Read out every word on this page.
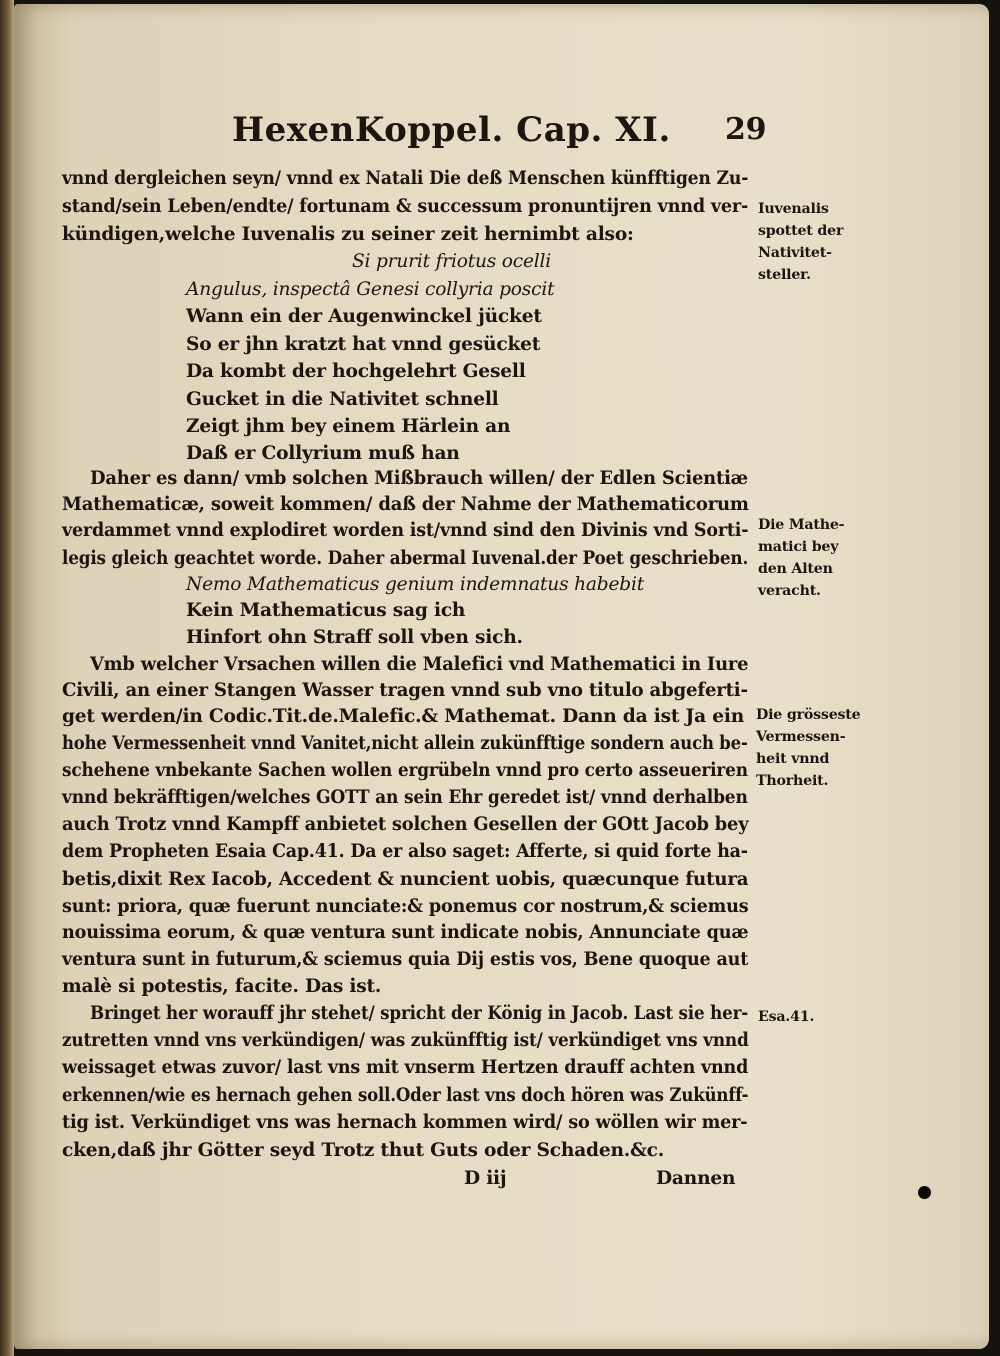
HexenKoppel. Cap. XI. 29
vnnd dergleichen seyn/ vnnd ex Natali Die deß Menschen künfftigen Zu-
stand/sein Leben/endte/ fortunam & successum pronuntijren vnnd ver-
kündigen,welche Iuvenalis zu seiner zeit hernimbt also:
Si prurit friotus ocelli
Angulus, inspectâ Genesi collyria poscit
Wann ein der Augenwinckel jücket
So er jhn kratzt hat vnnd gesücket
Da kombt der hochgelehrt Gesell
Gucket in die Nativitet schnell
Zeigt jhm bey einem Härlein an
Daß er Collyrium muß han
Daher es dann/ vmb solchen Mißbrauch willen/ der Edlen Scientiæ
Mathematicæ, soweit kommen/ daß der Nahme der Mathematicorum
verdammet vnnd explodiret worden ist/vnnd sind den Divinis vnd Sorti-
legis gleich geachtet worde. Daher abermal Iuvenal.der Poet geschrieben.
Nemo Mathematicus genium indemnatus habebit
Kein Mathematicus sag ich
Hinfort ohn Straff soll vben sich.
Vmb welcher Vrsachen willen die Malefici vnd Mathematici in Iure
Civili, an einer Stangen Wasser tragen vnnd sub vno titulo abgeferti-
get werden/in Codic.Tit.de.Malefic.& Mathemat. Dann da ist Ja ein
hohe Vermessenheit vnnd Vanitet,nicht allein zukünfftige sondern auch be-
schehene vnbekante Sachen wollen ergrübeln vnnd pro certo asseueriren
vnnd bekräfftigen/welches GOTT an sein Ehr geredet ist/ vnnd derhalben
auch Trotz vnnd Kampff anbietet solchen Gesellen der GOtt Jacob bey
dem Propheten Esaia Cap.41. Da er also saget: Afferte, si quid forte ha-
betis,dixit Rex Iacob, Accedent & nuncient uobis, quæcunque futura
sunt: priora, quæ fuerunt nunciate:& ponemus cor nostrum,& sciemus
nouissima eorum, & quæ ventura sunt indicate nobis, Annunciate quæ
ventura sunt in futurum,& sciemus quia Dij estis vos, Bene quoque aut
malè si potestis, facite. Das ist.
Bringet her worauff jhr stehet/ spricht der König in Jacob. Last sie her-
zutretten vnnd vns verkündigen/ was zukünfftig ist/ verkündiget vns vnnd
weissaget etwas zuvor/ last vns mit vnserm Hertzen drauff achten vnnd
erkennen/wie es hernach gehen soll.Oder last vns doch hören was Zukünff-
tig ist. Verkündiget vns was hernach kommen wird/ so wöllen wir mer-
cken,daß jhr Götter seyd Trotz thut Guts oder Schaden.&c.
D iij	Dannen
Iuvenalis
spottet der
Nativitet-
steller.
Die Mathe-
matici bey
den Alten
veracht.
Die grösseste
Vermessen-
heit vnnd
Thorheit.
Esa.41.
